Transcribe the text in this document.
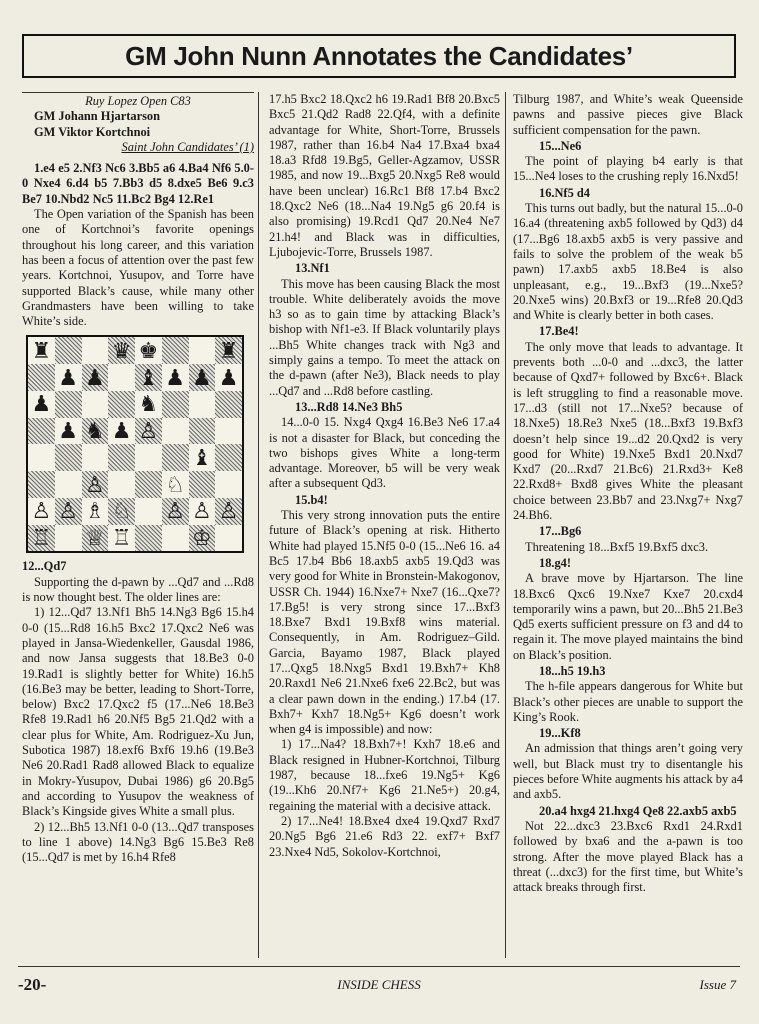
GM John Nunn Annotates the Candidates’
Ruy Lopez Open C83

GM Johann Hjartarson

GM Viktor Kortchnoi

Saint John Candidates’ (1)

1.e4 e5 2.Nf3 Nc6 3.Bb5 a6 4.Ba4 Nf6 5.0-0 Nxe4 6.d4 b5 7.Bb3 d5 8.dxe5 Be6 9.c3 Be7 10.Nbd2 Nc5 11.Bc2 Bg4 12.Re1

The Open variation of the Spanish has been one of Kortchnoi’s favorite openings throughout his long career, and this variation has been a focus of attention over the past few years. Kortchnoi, Yusupov, and Torre have supported Black’s cause, while many other Grandmasters have been willing to take White’s side.

♜	♛ ♚	♜
♟ ♟ ♝ ♟ ♟ ♟
♟	♞
♟ ♞ ♟ ♙
♝
♙	♘
♙ ♙ ♗ ♘ ♙ ♙ ♙
♖ ♕ ♖	♔

12...Qd7

Supporting the d-pawn by ...Qd7 and ...Rd8 is now thought best. The older lines are:

1) 12...Qd7 13.Nf1 Bh5 14.Ng3 Bg6 15.h4 0-0 (15...Rd8 16.h5 Bxc2 17.Qxc2 Ne6 was played in Jansa-Wiedenkeller, Gausdal 1986, and now Jansa suggests that 18.Be3 0-0 19.Rad1 is slightly better for White) 16.h5 (16.Be3 may be better, leading to Short-Torre, below) Bxc2 17.Qxc2 f5 (17...Ne6 18.Be3 Rfe8 19.Rad1 h6 20.Nf5 Bg5 21.Qd2 with a clear plus for White, Am. Rodriguez-Xu Jun, Subotica 1987) 18.exf6 Bxf6 19.h6 (19.Be3 Ne6 20.Rad1 Rad8 allowed Black to equalize in Mokry-Yusupov, Dubai 1986) g6 20.Bg5 and according to Yusupov the weakness of Black’s Kingside gives White a small plus.

2) 12...Bh5 13.Nf1 0-0 (13...Qd7 transposes to line 1 above) 14.Ng3 Bg6 15.Be3 Re8 (15...Qd7 is met by 16.h4 Rfe8

17.h5 Bxc2 18.Qxc2 h6 19.Rad1 Bf8 20.Bxc5 Bxc5 21.Qd2 Rad8 22.Qf4, with a definite advantage for White, Short-Torre, Brussels 1987, rather than 16.b4 Na4 17.Bxa4 bxa4 18.a3 Rfd8 19.Bg5, Geller-Agzamov, USSR 1985, and now 19...Bxg5 20.Nxg5 Re8 would have been unclear) 16.Rc1 Bf8 17.b4 Bxc2 18.Qxc2 Ne6 (18...Na4 19.Ng5 g6 20.f4 is also promising) 19.Rcd1 Qd7 20.Ne4 Ne7 21.h4! and Black was in difficulties, Ljubojevic-Torre, Brussels 1987.

13.Nf1

This move has been causing Black the most trouble. White deliberately avoids the move h3 so as to gain time by attacking Black’s bishop with Nf1-e3. If Black voluntarily plays ...Bh5 White changes track with Ng3 and simply gains a tempo. To meet the attack on the d-pawn (after Ne3), Black needs to play ...Qd7 and ...Rd8 before castling.

13...Rd8 14.Ne3 Bh5

14...0-0 15. Nxg4 Qxg4 16.Be3 Ne6 17.a4 is not a disaster for Black, but conceding the two bishops gives White a long-term advantage. Moreover, b5 will be very weak after a subsequent Qd3.

15.b4!

This very strong innovation puts the entire future of Black’s opening at risk. Hitherto White had played 15.Nf5 0-0 (15...Ne6 16. a4 Bc5 17.b4 Bb6 18.axb5 axb5 19.Qd3 was very good for White in Bronstein-Makogonov, USSR Ch. 1944) 16.Nxe7+ Nxe7 (16...Qxe7? 17.Bg5! is very strong since 17...Bxf3 18.Bxe7 Bxd1 19.Bxf8 wins material. Consequently, in Am. Rodriguez–Gild. Garcia, Bayamo 1987, Black played 17...Qxg5 18.Nxg5 Bxd1 19.Bxh7+ Kh8 20.Raxd1 Ne6 21.Nxe6 fxe6 22.Bc2, but was a clear pawn down in the ending.) 17.b4 (17. Bxh7+ Kxh7 18.Ng5+ Kg6 doesn’t work when g4 is impossible) and now:

1) 17...Na4? 18.Bxh7+! Kxh7 18.e6 and Black resigned in Hubner-Kortchnoi, Tilburg 1987, because 18...fxe6 19.Ng5+ Kg6 (19...Kh6 20.Nf7+ Kg6 21.Ne5+) 20.g4, regaining the material with a decisive attack.

2) 17...Ne4! 18.Bxe4 dxe4 19.Qxd7 Rxd7 20.Ng5 Bg6 21.e6 Rd3 22. exf7+ Bxf7 23.Nxe4 Nd5, Sokolov-Kortchnoi,

Tilburg 1987, and White’s weak Queenside pawns and passive pieces give Black sufficient compensation for the pawn.

15...Ne6

The point of playing b4 early is that 15...Ne4 loses to the crushing reply 16.Nxd5!

16.Nf5 d4

This turns out badly, but the natural 15...0-0 16.a4 (threatening axb5 followed by Qd3) d4 (17...Bg6 18.axb5 axb5 is very passive and fails to solve the problem of the weak b5 pawn) 17.axb5 axb5 18.Be4 is also unpleasant, e.g., 19...Bxf3 (19...Nxe5? 20.Nxe5 wins) 20.Bxf3 or 19...Rfe8 20.Qd3 and White is clearly better in both cases.

17.Be4!

The only move that leads to advantage. It prevents both ...0-0 and ...dxc3, the latter because of Qxd7+ followed by Bxc6+. Black is left struggling to find a reasonable move. 17...d3 (still not 17...Nxe5? because of 18.Nxe5) 18.Re3 Nxe5 (18...Bxf3 19.Bxf3 doesn’t help since 19...d2 20.Qxd2 is very good for White) 19.Nxe5 Bxd1 20.Nxd7 Kxd7 (20...Rxd7 21.Bc6) 21.Rxd3+ Ke8 22.Rxd8+ Bxd8 gives White the pleasant choice between 23.Bb7 and 23.Nxg7+ Nxg7 24.Bh6.

17...Bg6

Threatening 18...Bxf5 19.Bxf5 dxc3.

18.g4!

A brave move by Hjartarson. The line 18.Bxc6 Qxc6 19.Nxe7 Kxe7 20.cxd4 temporarily wins a pawn, but 20...Bh5 21.Be3 Qd5 exerts sufficient pressure on f3 and d4 to regain it. The move played maintains the bind on Black’s position.

18...h5 19.h3

The h-file appears dangerous for White but Black’s other pieces are unable to support the King’s Rook.

19...Kf8

An admission that things aren’t going very well, but Black must try to disentangle his pieces before White augments his attack by a4 and axb5.

20.a4 hxg4 21.hxg4 Qe8 22.axb5 axb5

Not 22...dxc3 23.Bxc6 Rxd1 24.Rxd1 followed by bxa6 and the a-pawn is too strong. After the move played Black has a threat (...dxc3) for the first time, but White’s attack breaks through first.

-20-	INSIDE CHESS	Issue 7
